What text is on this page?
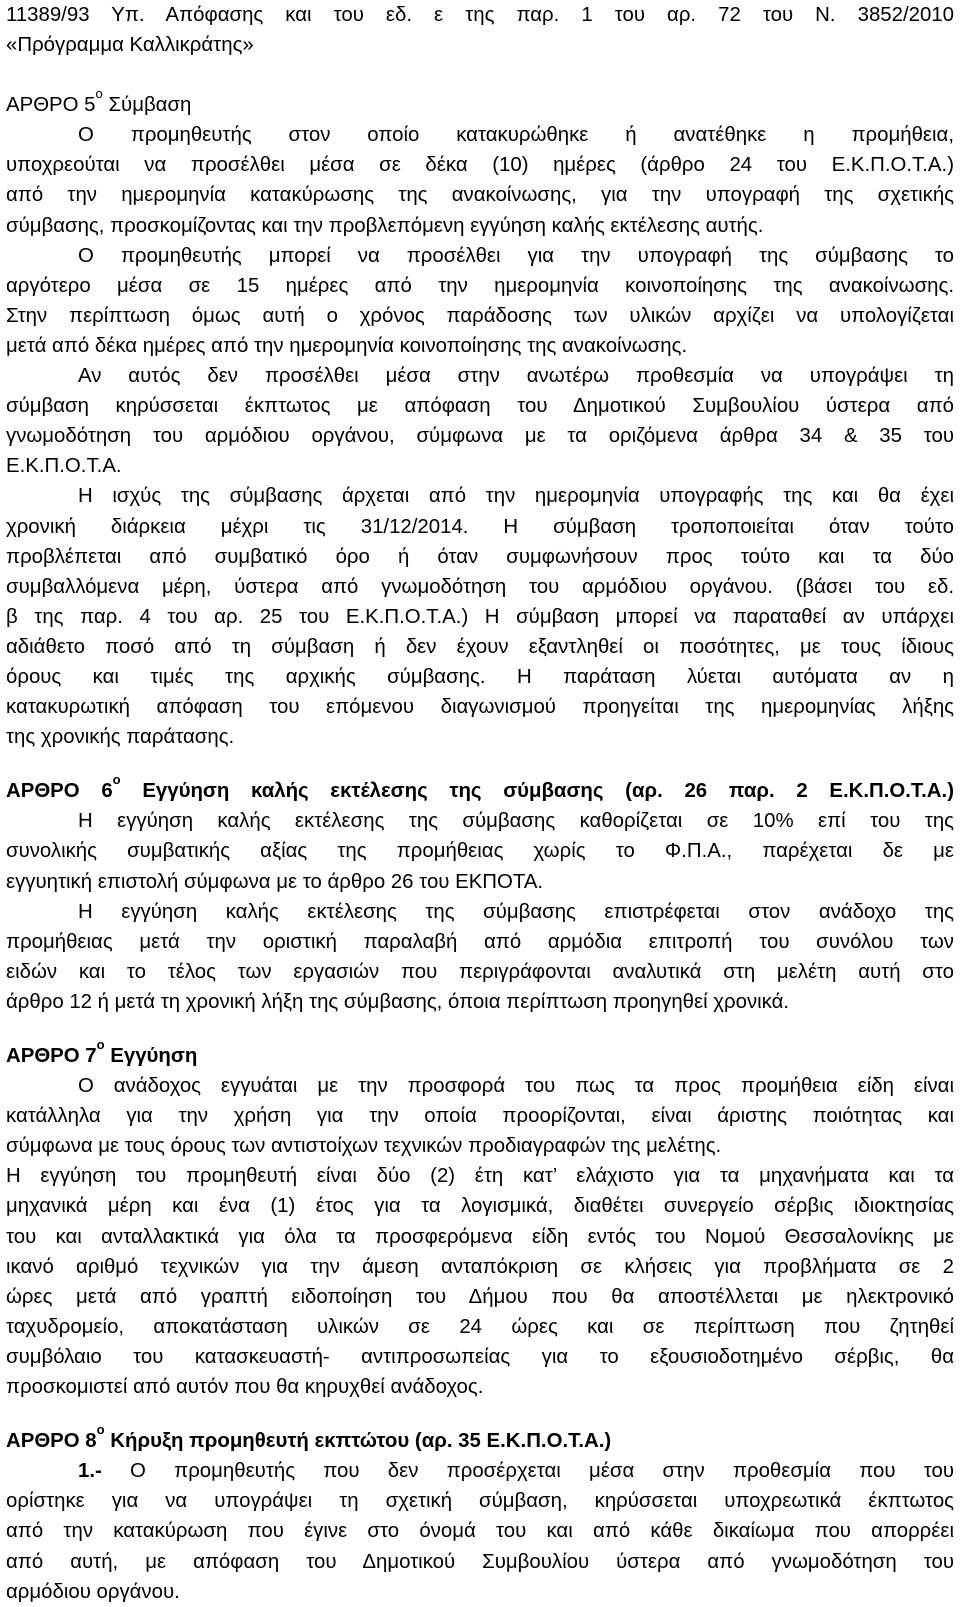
11389/93 Υπ. Απόφασης και του εδ. ε της παρ. 1 του αρ. 72 του Ν. 3852/2010
«Πρόγραμμα Καλλικράτης»
ΑΡΘΡΟ $5^o$ Σύμβαση
Ο προμηθευτής στον οποίο κατακυρώθηκε ή ανατέθηκε η προμήθεια,
υποχρεούται να προσέλθει μέσα σε δέκα (10) ημέρες (άρθρο 24 του Ε.Κ.Π.Ο.Τ.Α.)
από την ημερομηνία κατακύρωσης της ανακοίνωσης, για την υπογραφή της σχετικής
σύμβασης, προσκομίζοντας και την προβλεπόμενη εγγύηση καλής εκτέλεσης αυτής.
Ο προμηθευτής μπορεί να προσέλθει για την υπογραφή της σύμβασης το
αργότερο μέσα σε 15 ημέρες από την ημερομηνία κοινοποίησης της ανακοίνωσης.
Στην περίπτωση όμως αυτή ο χρόνος παράδοσης των υλικών αρχίζει να υπολογίζεται
μετά από δέκα ημέρες από την ημερομηνία κοινοποίησης της ανακοίνωσης.
Αν αυτός δεν προσέλθει μέσα στην ανωτέρω προθεσμία να υπογράψει τη
σύμβαση κηρύσσεται έκπτωτος με απόφαση του Δημοτικού Συμβουλίου ύστερα από
γνωμοδότηση του αρμόδιου οργάνου, σύμφωνα με τα οριζόμενα άρθρα 34 & 35 του
Ε.Κ.Π.Ο.Τ.Α.
Η ισχύς της σύμβασης άρχεται από την ημερομηνία υπογραφής της και θα έχει
χρονική διάρκεια μέχρι τις 31/12/2014. Η σύμβαση τροποποιείται όταν τούτο
προβλέπεται από συμβατικό όρο ή όταν συμφωνήσουν προς τούτο και τα δύο
συμβαλλόμενα μέρη, ύστερα από γνωμοδότηση του αρμόδιου οργάνου. (βάσει του εδ.
β της παρ. 4 του αρ. 25 του Ε.Κ.Π.Ο.Τ.Α.) Η σύμβαση μπορεί να παραταθεί αν υπάρχει
αδιάθετο ποσό από τη σύμβαση ή δεν έχουν εξαντληθεί οι ποσότητες, με τους ίδιους
όρους και τιμές της αρχικής σύμβασης. Η παράταση λύεται αυτόματα αν η
κατακυρωτική απόφαση του επόμενου διαγωνισμού προηγείται της ημερομηνίας λήξης
της χρονικής παράτασης.
ΑΡΘΡΟ $6^o$ Εγγύηση καλής εκτέλεσης της σύμβασης (αρ. 26 παρ. 2 Ε.Κ.Π.Ο.Τ.Α.)
Η εγγύηση καλής εκτέλεσης της σύμβασης καθορίζεται σε 10% επί του της
συνολικής συμβατικής αξίας της προμήθειας χωρίς το Φ.Π.Α., παρέχεται δε με
εγγυητική επιστολή σύμφωνα με το άρθρο 26 του ΕΚΠΟΤΑ.
Η εγγύηση καλής εκτέλεσης της σύμβασης επιστρέφεται στον ανάδοχο της
προμήθειας μετά την οριστική παραλαβή από αρμόδια επιτροπή του συνόλου των
ειδών και το τέλος των εργασιών που περιγράφονται αναλυτικά στη μελέτη αυτή στο
άρθρο 12 ή μετά τη χρονική λήξη της σύμβασης, όποια περίπτωση προηγηθεί χρονικά.
ΑΡΘΡΟ $7^o$ Εγγύηση
Ο ανάδοχος εγγυάται με την προσφορά του πως τα προς προμήθεια είδη είναι
κατάλληλα για την χρήση για την οποία προορίζονται, είναι άριστης ποιότητας και
σύμφωνα με τους όρους των αντιστοίχων τεχνικών προδιαγραφών της μελέτης.
Η εγγύηση του προμηθευτή είναι δύο (2) έτη κατ’ ελάχιστο για τα μηχανήματα και τα
μηχανικά μέρη και ένα (1) έτος για τα λογισμικά, διαθέτει συνεργείο σέρβις ιδιοκτησίας
του και ανταλλακτικά για όλα τα προσφερόμενα είδη εντός του Νομού Θεσσαλονίκης με
ικανό αριθμό τεχνικών για την άμεση ανταπόκριση σε κλήσεις για προβλήματα σε 2
ώρες μετά από γραπτή ειδοποίηση του Δήμου που θα αποστέλλεται με ηλεκτρονικό
ταχυδρομείο, αποκατάσταση υλικών σε 24 ώρες και σε περίπτωση που ζητηθεί
συμβόλαιο του κατασκευαστή- αντιπροσωπείας για το εξουσιοδοτημένο σέρβις, θα
προσκομιστεί από αυτόν που θα κηρυχθεί ανάδοχος.
ΑΡΘΡΟ $8^o$ Κήρυξη προμηθευτή εκπτώτου (αρ. 35 Ε.Κ.Π.Ο.Τ.Α.)
1.- Ο προμηθευτής που δεν προσέρχεται μέσα στην προθεσμία που του
ορίστηκε για να υπογράψει τη σχετική σύμβαση, κηρύσσεται υποχρεωτικά έκπτωτος
από την κατακύρωση που έγινε στο όνομά του και από κάθε δικαίωμα που απορρέει
από αυτή, με απόφαση του Δημοτικού Συμβουλίου ύστερα από γνωμοδότηση του
αρμόδιου οργάνου.
